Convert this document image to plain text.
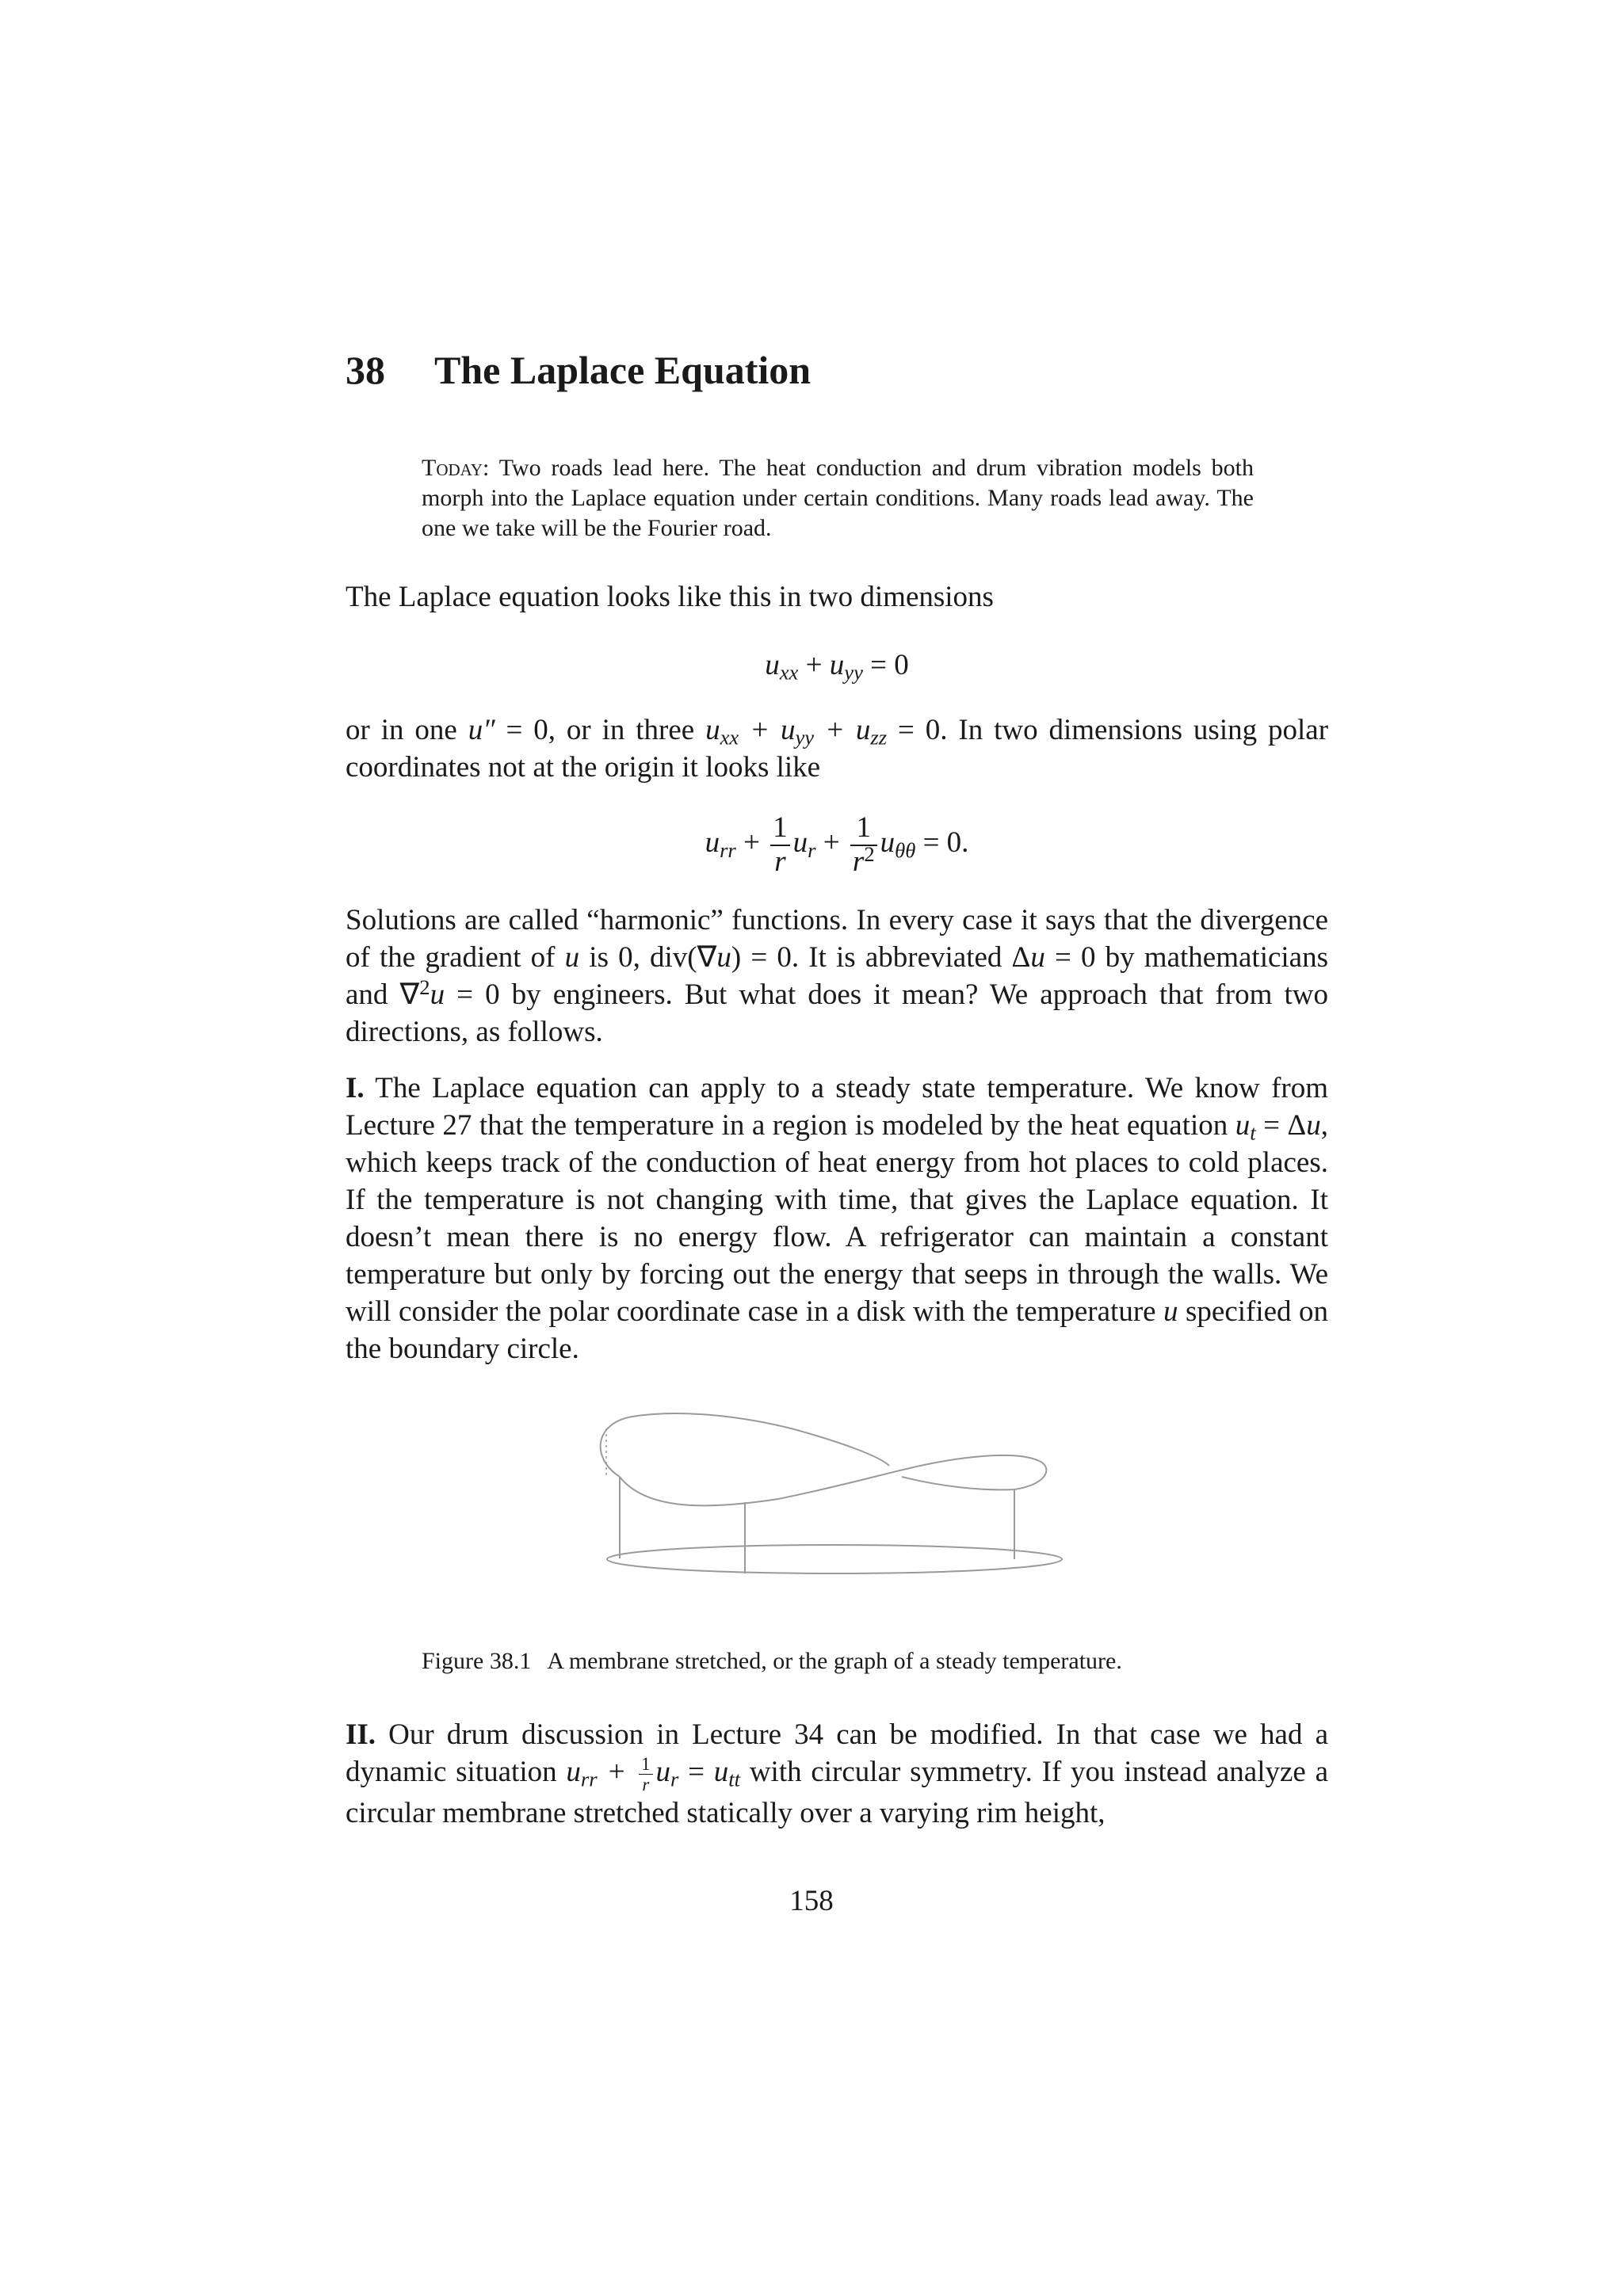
38 The Laplace Equation
Today: Two roads lead here. The heat conduction and drum vibration models both morph into the Laplace equation under certain conditions. Many roads lead away. The one we take will be the Fourier road.

The Laplace equation looks like this in two dimensions

$u_{xx} + u_{yy} = 0$

or in one u″ = 0, or in three $u_{xx} + u_{yy} + u_{zz} = 0$. In two dimensions using polar coordinates not at the origin it looks like

$u_{rr} + \frac{1}{r} u_r + \frac{1}{r^2} u_{\theta\theta} = 0$.

Solutions are called “harmonic” functions. In every case it says that the divergence of the gradient of u is 0, div(∇u) = 0. It is abbreviated Δu = 0 by mathematicians and ∇$^2$u = 0 by engineers. But what does it mean? We approach that from two directions, as follows.

I. The Laplace equation can apply to a steady state temperature. We know from Lecture 27 that the temperature in a region is modeled by the heat equation $u_t = \Delta u$, which keeps track of the conduction of heat energy from hot places to cold places. If the temperature is not changing with time, that gives the Laplace equation. It doesn’t mean there is no energy flow. A refrigerator can maintain a constant temperature but only by forcing out the energy that seeps in through the walls. We will consider the polar coordinate case in a disk with the temperature u specified on the boundary circle.

Figure 38.1 A membrane stretched, or the graph of a steady temperature.

II. Our drum discussion in Lecture 34 can be modified. In that case we had a dynamic situation $u_{rr} + \frac{1}{r} u_r = u_{tt}$ with circular symmetry. If you instead analyze a circular membrane stretched statically over a varying rim height,

158
